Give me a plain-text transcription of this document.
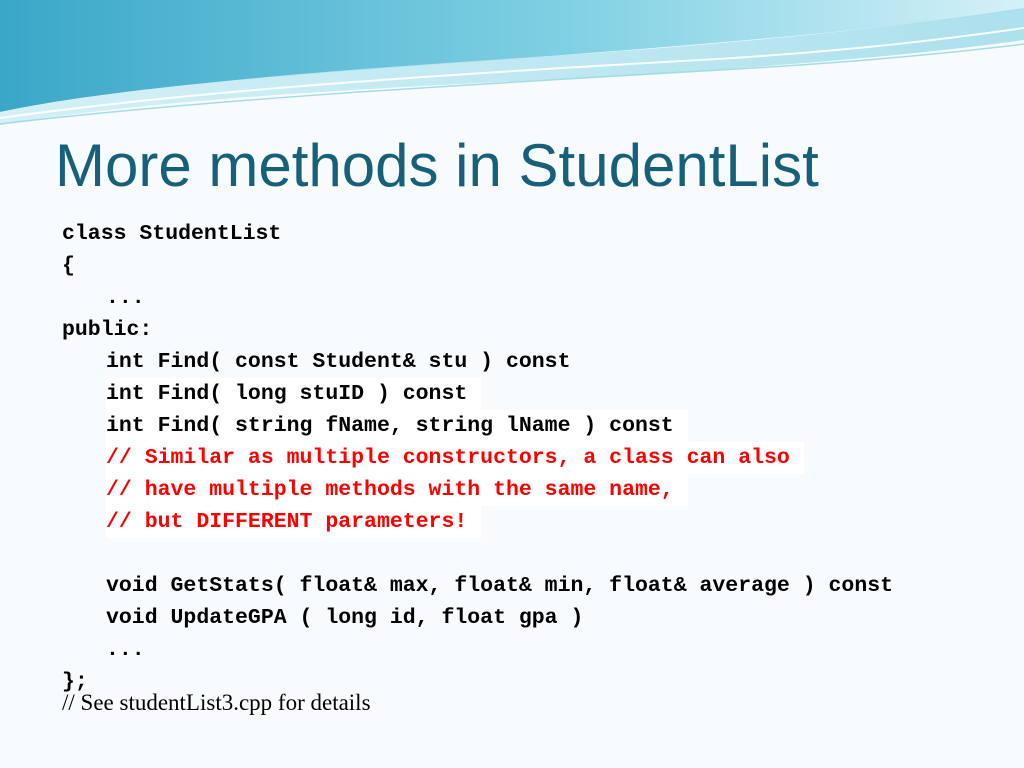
More methods in StudentList
class StudentList
{
...
public:
int Find( const Student& stu ) const
int Find( long stuID ) const
int Find( string fName, string lName ) const
// Similar as multiple constructors, a class can also
// have multiple methods with the same name,
// but DIFFERENT parameters!
void GetStats( float& max, float& min, float& average ) const
void UpdateGPA ( long id, float gpa )
...
};
// See studentList3.cpp for details
